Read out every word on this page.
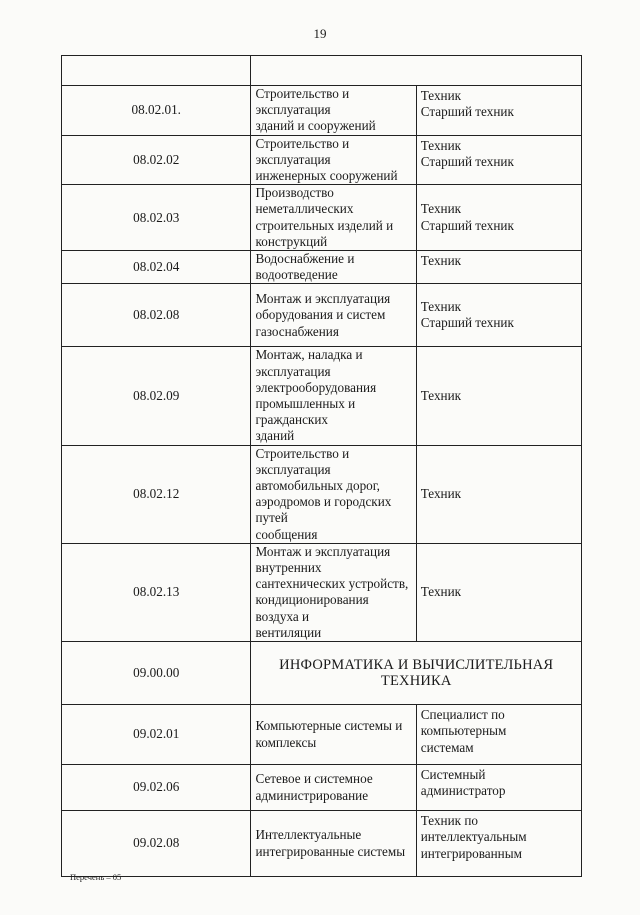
19

08.02.01.	Строительство и эксплуатация
зданий и сооружений	Техник
Старший техник
08.02.02	Строительство и эксплуатация
инженерных сооружений	Техник
Старший техник
08.02.03	Производство неметаллических
строительных изделий и
конструкций	Техник
Старший техник
08.02.04	Водоснабжение и водоотведение	Техник
08.02.08	Монтаж и эксплуатация
оборудования и систем
газоснабжения	Техник
Старший техник
08.02.09	Монтаж, наладка и эксплуатация
электрооборудования
промышленных и гражданских
зданий	Техник
08.02.12	Строительство и эксплуатация
автомобильных дорог,
аэродромов и городских путей
сообщения	Техник
08.02.13	Монтаж и эксплуатация
внутренних
сантехнических устройств,
кондиционирования воздуха и
вентиляции	Техник
09.00.00	ИНФОРМАТИКА И ВЫЧИСЛИТЕЛЬНАЯ ТЕХНИКА	
09.02.01	Компьютерные системы и
комплексы	Специалист по
компьютерным
системам
09.02.06	Сетевое и системное
администрирование	Системный
администратор
09.02.08	Интеллектуальные
интегрированные системы	Техник по
интеллектуальным
интегрированным
Перечень – 05
